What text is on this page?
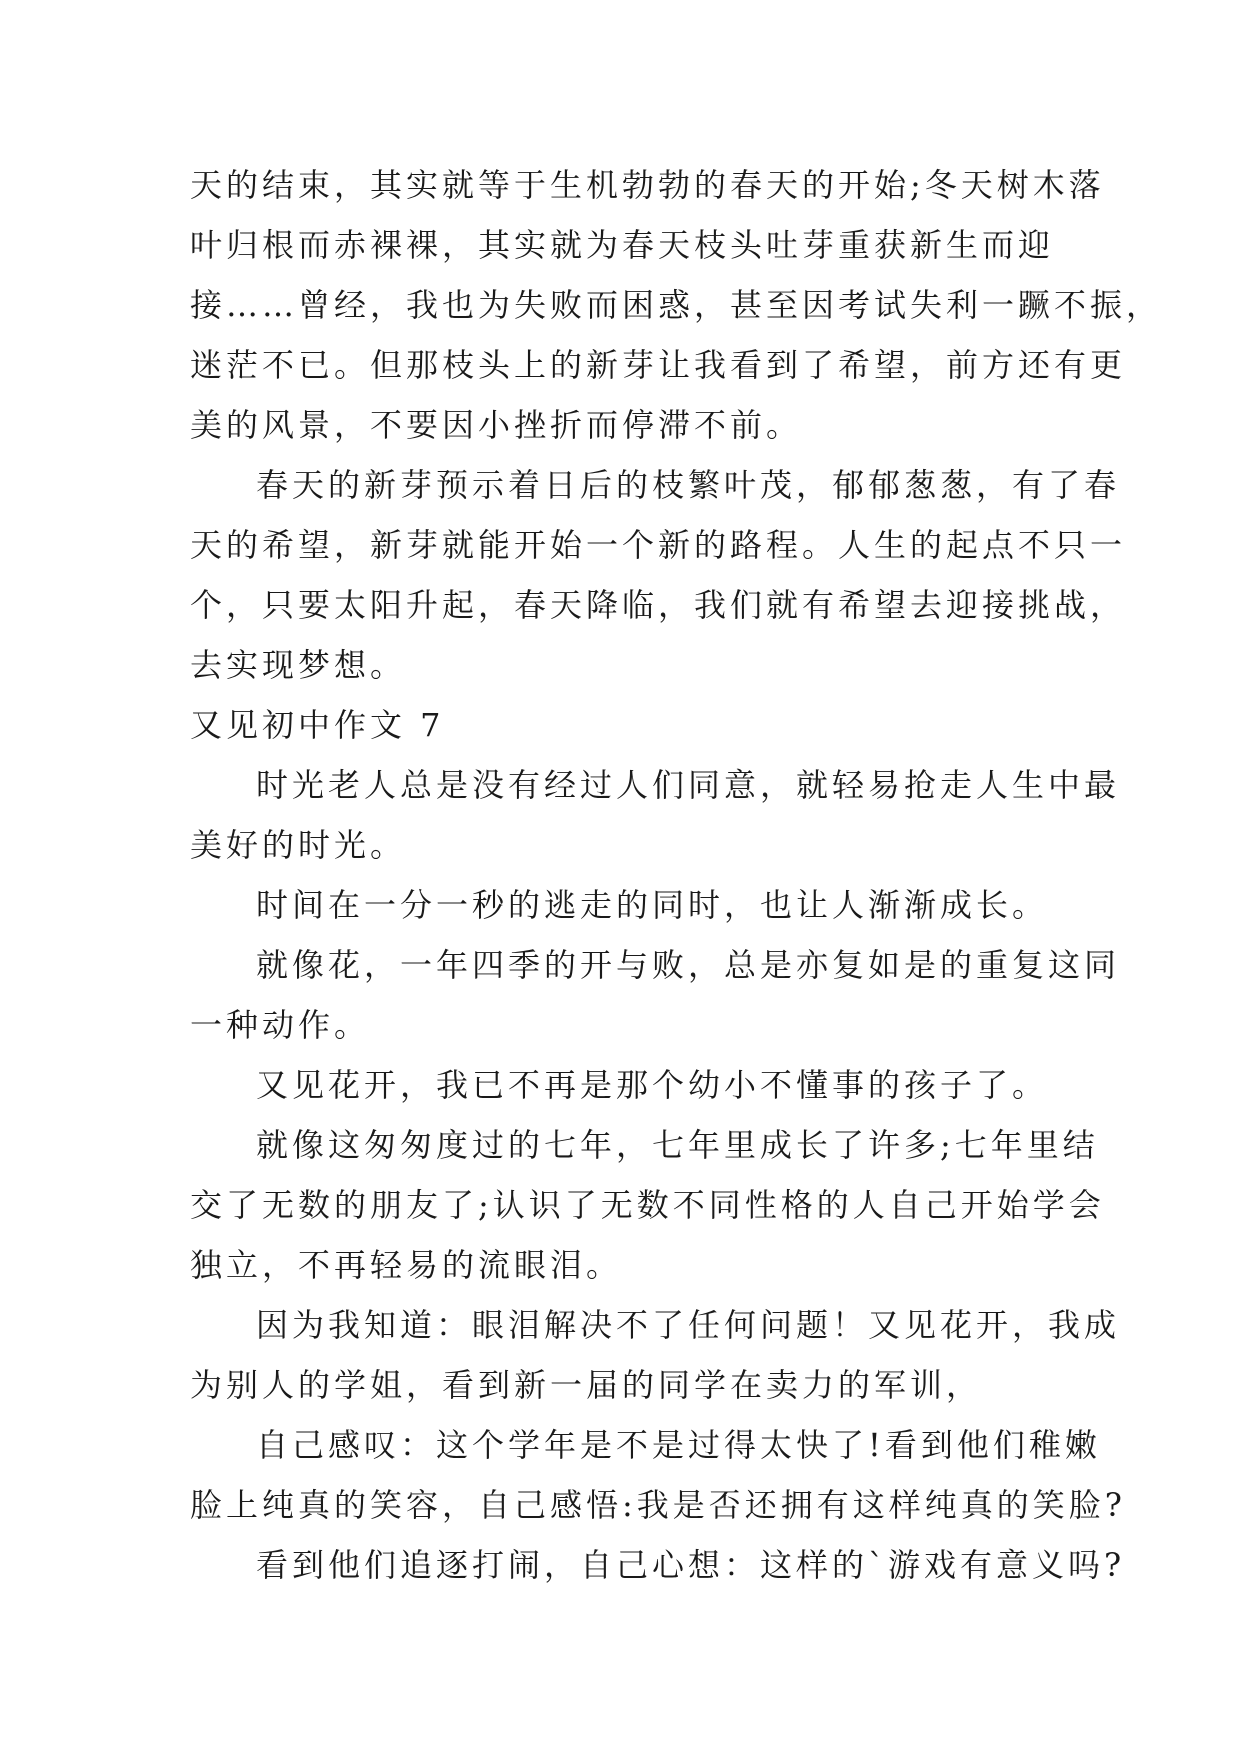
天的结束，其实就等于生机勃勃的春天的开始;冬天树木落
叶归根而赤裸裸，其实就为春天枝头吐芽重获新生而迎
接……曾经，我也为失败而困惑，甚至因考试失利一蹶不振，
迷茫不已。但那枝头上的新芽让我看到了希望，前方还有更
美的风景，不要因小挫折而停滞不前。
春天的新芽预示着日后的枝繁叶茂，郁郁葱葱，有了春
天的希望，新芽就能开始一个新的路程。人生的起点不只一
个，只要太阳升起，春天降临，我们就有希望去迎接挑战，
去实现梦想。
又见初中作文 7
时光老人总是没有经过人们同意，就轻易抢走人生中最
美好的时光。
时间在一分一秒的逃走的同时，也让人渐渐成长。
就像花，一年四季的开与败，总是亦复如是的重复这同
一种动作。
又见花开，我已不再是那个幼小不懂事的孩子了。
就像这匆匆度过的七年，七年里成长了许多;七年里结
交了无数的朋友了;认识了无数不同性格的人自己开始学会
独立，不再轻易的流眼泪。
因为我知道：眼泪解决不了任何问题！又见花开，我成
为别人的学姐，看到新一届的同学在卖力的军训，
自己感叹：这个学年是不是过得太快了!看到他们稚嫩
脸上纯真的笑容，自己感悟:我是否还拥有这样纯真的笑脸?
看到他们追逐打闹，自己心想：这样的`游戏有意义吗?
